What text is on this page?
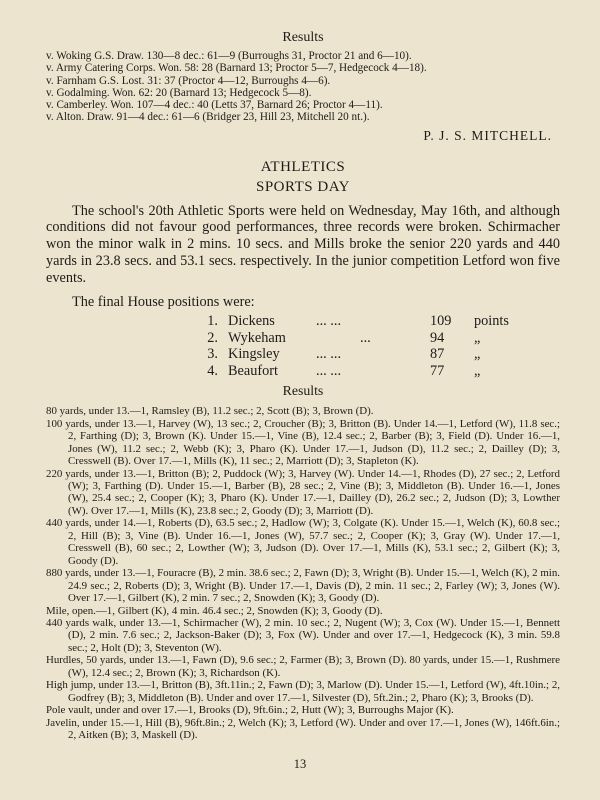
Results
v. Woking G.S. Draw. 130—8 dec.: 61—9 (Burroughs 31, Proctor 21 and 6—10).
v. Army Catering Corps. Won. 58: 28 (Barnard 13; Proctor 5—7, Hedgecock 4—18).
v. Farnham G.S. Lost. 31: 37 (Proctor 4—12, Burroughs 4—6).
v. Godalming. Won. 62: 20 (Barnard 13; Hedgecock 5—8).
v. Camberley. Won. 107—4 dec.: 40 (Letts 37, Barnard 26; Proctor 4—11).
v. Alton. Draw. 91—4 dec.: 61—6 (Bridger 23, Hill 23, Mitchell 20 nt.).
P. J. S. MITCHELL.
ATHLETICS
SPORTS DAY
The school's 20th Athletic Sports were held on Wednesday, May 16th, and although conditions did not favour good performances, three records were broken. Schirmacher won the minor walk in 2 mins. 10 secs. and Mills broke the senior 220 yards and 440 yards in 23.8 secs. and 53.1 secs. respectively. In the junior competition Letford won five events.
The final House positions were:
1.	Dickens	... ...	109	points
2.	Wykeham	...	94	„
3.	Kingsley	... ...	87	„
4.	Beaufort	... ...	77	„
Results
80 yards, under 13.—1, Ramsley (B), 11.2 sec.; 2, Scott (B); 3, Brown (D).
100 yards, under 13.—1, Harvey (W), 13 sec.; 2, Croucher (B); 3, Britton (B). Under 14.—1, Letford (W), 11.8 sec.; 2, Farthing (D); 3, Brown (K). Under 15.—1, Vine (B), 12.4 sec.; 2, Barber (B); 3, Field (D). Under 16.—1, Jones (W), 11.2 sec.; 2, Webb (K); 3, Pharo (K). Under 17.—1, Judson (D), 11.2 sec.; 2, Dailley (D); 3, Cresswell (B). Over 17.—1, Mills (K), 11 sec.; 2, Marriott (D); 3, Stapleton (K).
220 yards, under 13.—1, Britton (B); 2, Puddock (W); 3, Harvey (W). Under 14.—1, Rhodes (D), 27 sec.; 2, Letford (W); 3, Farthing (D). Under 15.—1, Barber (B), 28 sec.; 2, Vine (B); 3, Middleton (B). Under 16.—1, Jones (W), 25.4 sec.; 2, Cooper (K); 3, Pharo (K). Under 17.—1, Dailley (D), 26.2 sec.; 2, Judson (D); 3, Lowther (W). Over 17.—1, Mills (K), 23.8 sec.; 2, Goody (D); 3, Marriott (D).
440 yards, under 14.—1, Roberts (D), 63.5 sec.; 2, Hadlow (W); 3, Colgate (K). Under 15.—1, Welch (K), 60.8 sec.; 2, Hill (B); 3, Vine (B). Under 16.—1, Jones (W), 57.7 sec.; 2, Cooper (K); 3, Gray (W). Under 17.—1, Cresswell (B), 60 sec.; 2, Lowther (W); 3, Judson (D). Over 17.—1, Mills (K), 53.1 sec.; 2, Gilbert (K); 3, Goody (D).
880 yards, under 13.—1, Fouracre (B), 2 min. 38.6 sec.; 2, Fawn (D); 3, Wright (B). Under 15.—1, Welch (K), 2 min. 24.9 sec.; 2, Roberts (D); 3, Wright (B). Under 17.—1, Davis (D), 2 min. 11 sec.; 2, Farley (W); 3, Jones (W). Over 17.—1, Gilbert (K), 2 min. 7 sec.; 2, Snowden (K); 3, Goody (D).
Mile, open.—1, Gilbert (K), 4 min. 46.4 sec.; 2, Snowden (K); 3, Goody (D).
440 yards walk, under 13.—1, Schirmacher (W), 2 min. 10 sec.; 2, Nugent (W); 3, Cox (W). Under 15.—1, Bennett (D), 2 min. 7.6 sec.; 2, Jackson-Baker (D); 3, Fox (W). Under and over 17.—1, Hedgecock (K), 3 min. 59.8 sec.; 2, Holt (D); 3, Steventon (W).
Hurdles, 50 yards, under 13.—1, Fawn (D), 9.6 sec.; 2, Farmer (B); 3, Brown (D). 80 yards, under 15.—1, Rushmere (W), 12.4 sec.; 2, Brown (K); 3, Richardson (K).
High jump, under 13.—1, Britton (B), 3ft.11in.; 2, Fawn (D); 3, Marlow (D). Under 15.—1, Letford (W), 4ft.10in.; 2, Godfrey (B); 3, Middleton (B). Under and over 17.—1, Silvester (D), 5ft.2in.; 2, Pharo (K); 3, Brooks (D).
Pole vault, under and over 17.—1, Brooks (D), 9ft.6in.; 2, Hutt (W); 3, Burroughs Major (K).
Javelin, under 15.—1, Hill (B), 96ft.8in.; 2, Welch (K); 3, Letford (W). Under and over 17.—1, Jones (W), 146ft.6in.; 2, Aitken (B); 3, Maskell (D).
13
